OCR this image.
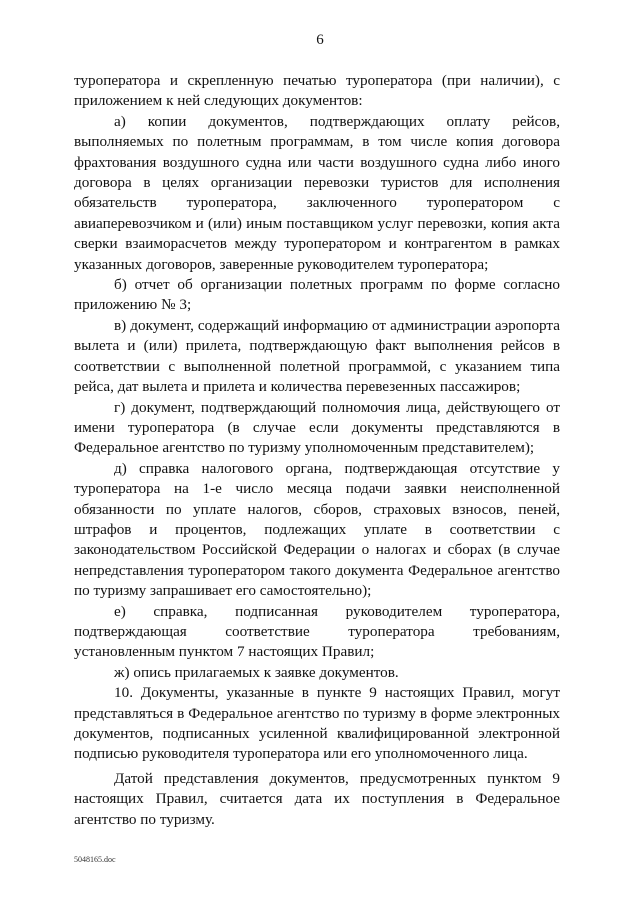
6

туроператора и скрепленную печатью туроператора (при наличии), с приложением к ней следующих документов:

а) копии документов, подтверждающих оплату рейсов, выполняемых по полетным программам, в том числе копия договора фрахтования воздушного судна или части воздушного судна либо иного договора в целях организации перевозки туристов для исполнения обязательств туроператора, заключенного туроператором с авиаперевозчиком и (или) иным поставщиком услуг перевозки, копия акта сверки взаиморасчетов между туроператором и контрагентом в рамках указанных договоров, заверенные руководителем туроператора;

б) отчет об организации полетных программ по форме согласно приложению № 3;

в) документ, содержащий информацию от администрации аэропорта вылета и (или) прилета, подтверждающую факт выполнения рейсов в соответствии с выполненной полетной программой, с указанием типа рейса, дат вылета и прилета и количества перевезенных пассажиров;

г) документ, подтверждающий полномочия лица, действующего от имени туроператора (в случае если документы представляются в Федеральное агентство по туризму уполномоченным представителем);

д) справка налогового органа, подтверждающая отсутствие у туроператора на 1-е число месяца подачи заявки неисполненной обязанности по уплате налогов, сборов, страховых взносов, пеней, штрафов и процентов, подлежащих уплате в соответствии с законодательством Российской Федерации о налогах и сборах (в случае непредставления туроператором такого документа Федеральное агентство по туризму запрашивает его самостоятельно);

е) справка, подписанная руководителем туроператора, подтверждающая соответствие туроператора требованиям, установленным пунктом 7 настоящих Правил;

ж) опись прилагаемых к заявке документов.

10. Документы, указанные в пункте 9 настоящих Правил, могут представляться в Федеральное агентство по туризму в форме электронных документов, подписанных усиленной квалифицированной электронной подписью руководителя туроператора или его уполномоченного лица.

Датой представления документов, предусмотренных пунктом 9 настоящих Правил, считается дата их поступления в Федеральное агентство по туризму.

5048165.doc
